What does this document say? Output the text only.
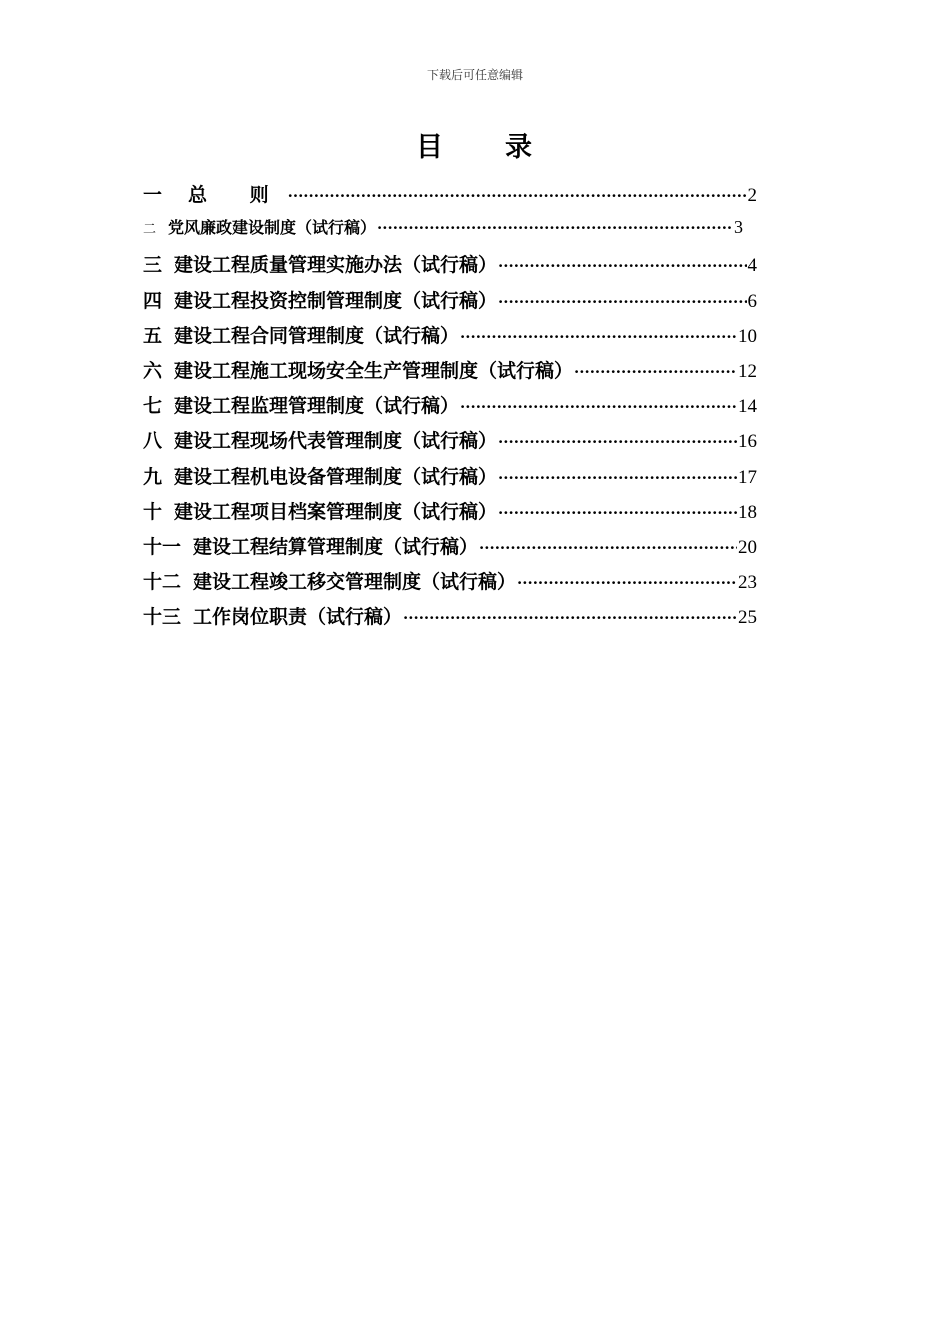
下载后可任意编辑
目 录
一 总 则 ·····	2
二 党风廉政建设制度（试行稿） ·····	3
三 建设工程质量管理实施办法（试行稿） ·····	4
四 建设工程投资控制管理制度（试行稿） ·····	6
五 建设工程合同管理制度（试行稿） ·····	10
六 建设工程施工现场安全生产管理制度（试行稿） ·····	12
七 建设工程监理管理制度（试行稿） ·····	14
八 建设工程现场代表管理制度（试行稿） ·····	16
九 建设工程机电设备管理制度（试行稿） ·····	17
十 建设工程项目档案管理制度（试行稿） ·····	18
十一 建设工程结算管理制度（试行稿） ·····	20
十二 建设工程竣工移交管理制度（试行稿） ·····	23
十三 工作岗位职责（试行稿） ·····	25
